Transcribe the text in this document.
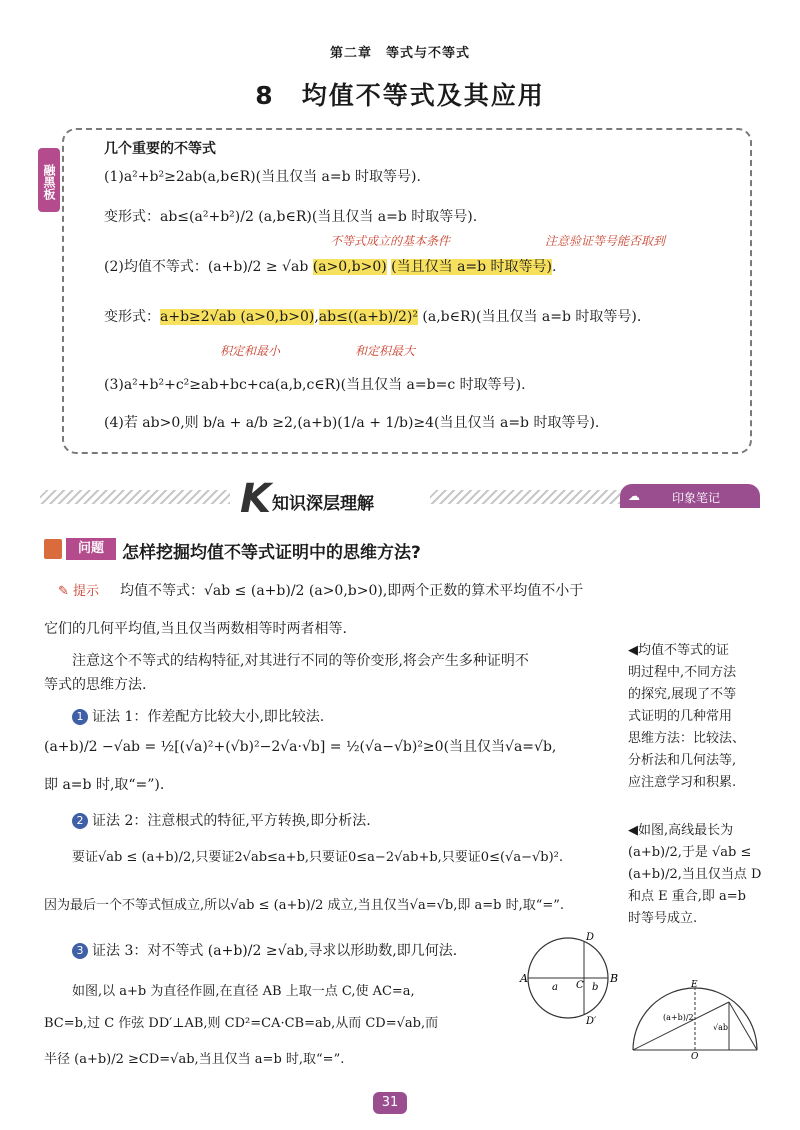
第二章　等式与不等式
8　均值不等式及其应用
融黑板
几个重要的不等式
(1)a²+b²≥2ab(a,b∈R)(当且仅当 a=b 时取等号).
变形式：ab≤(a²+b²)/2 (a,b∈R)(当且仅当 a=b 时取等号).
不等式成立的基本条件	注意验证等号能否取到
(2)均值不等式：(a+b)/2 ≥ √ab (a>0,b>0) (当且仅当 a=b 时取等号).
变形式：a+b≥2√ab (a>0,b>0),ab≤((a+b)/2)² (a,b∈R)(当且仅当 a=b 时取等号).
积定和最小	和定积最大
(3)a²+b²+c²≥ab+bc+ca(a,b,c∈R)(当且仅当 a=b=c 时取等号).
(4)若 ab>0,则 b/a + a/b ≥2,(a+b)(1/a + 1/b)≥4(当且仅当 a=b 时取等号).
K 知识深层理解	☁	印象笔记
问题	怎样挖掘均值不等式证明中的思维方法?
✎ 提示 均值不等式：√ab ≤ (a+b)/2 (a>0,b>0),即两个正数的算术平均值不小于
它们的几何平均值,当且仅当两数相等时两者相等.
注意这个不等式的结构特征,对其进行不同的等价变形,将会产生多种证明不
等式的思维方法.
1 证法 1：作差配方比较大小,即比较法.
(a+b)/2 −√ab = ½[(√a)²+(√b)²−2√a·√b] = ½(√a−√b)²≥0(当且仅当√a=√b,
即 a=b 时,取“=”).
2 证法 2：注意根式的特征,平方转换,即分析法.
要证√ab ≤ (a+b)/2,只要证2√ab≤a+b,只要证0≤a−2√ab+b,只要证0≤(√a−√b)².
因为最后一个不等式恒成立,所以√ab ≤ (a+b)/2 成立,当且仅当√a=√b,即 a=b 时,取“=”.
3 证法 3：对不等式 (a+b)/2 ≥√ab,寻求以形助数,即几何法.
如图,以 a+b 为直径作圆,在直径 AB 上取一点 C,使 AC=a,
BC=b,过 C 作弦 DD′⊥AB,则 CD²=CA·CB=ab,从而 CD=√ab,而
半径 (a+b)/2 ≥CD=√ab,当且仅当 a=b 时,取“=”.
◀均值不等式的证
明过程中,不同方法
的探究,展现了不等
式证明的几种常用
思维方法：比较法、
分析法和几何法等,
应注意学习和积累.
◀如图,高线最长为
(a+b)/2,于是 √ab ≤
(a+b)/2,当且仅当点 D
和点 E 重合,即 a=b
时等号成立.
A	B
C
D
D′
a	b	E
O
√ab
(a+b)/2
31
